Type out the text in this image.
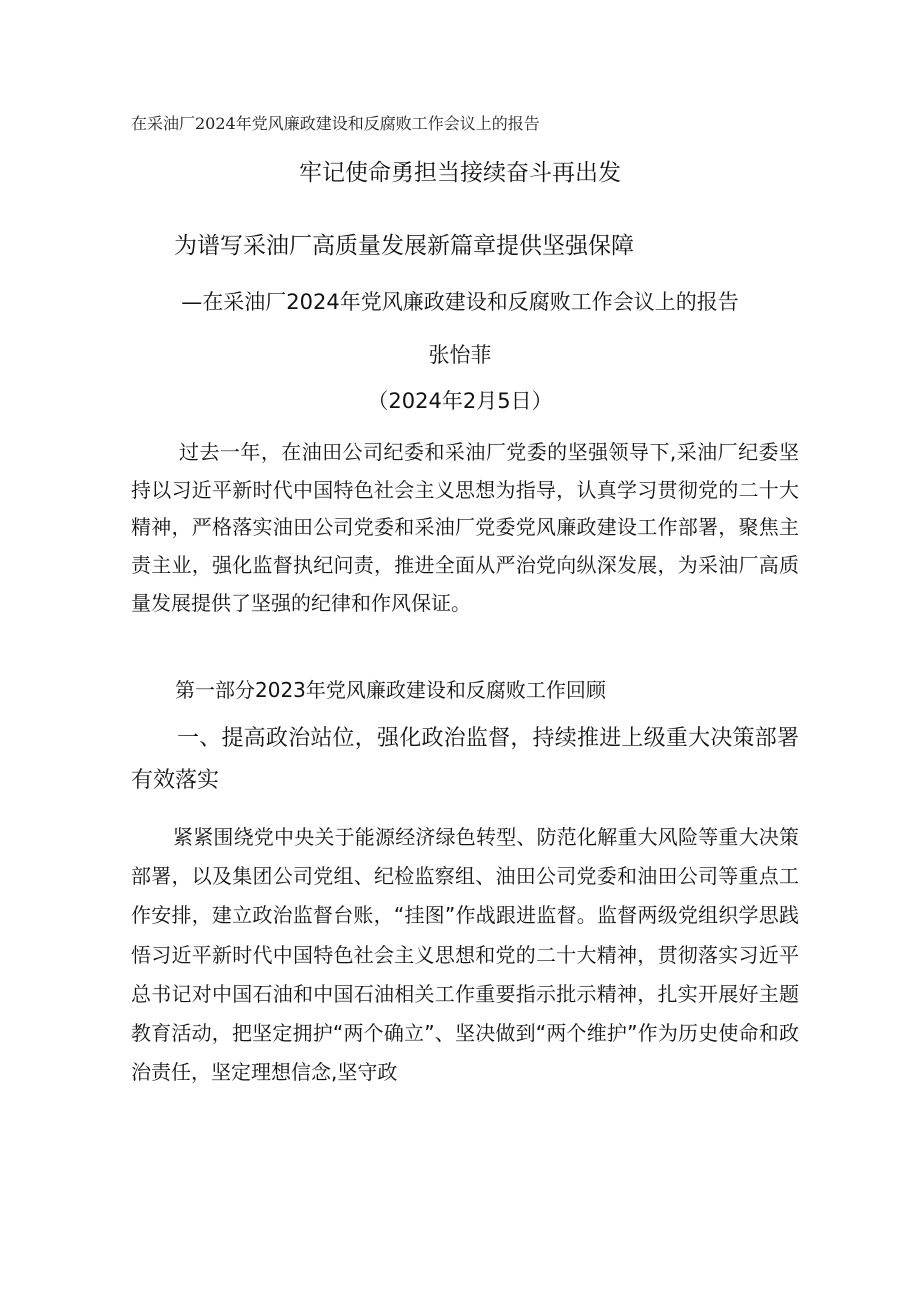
在采油厂2024年党风廉政建设和反腐败工作会议上的报告
牢记使命勇担当接续奋斗再出发
为谱写采油厂高质量发展新篇章提供坚强保障
—在采油厂2024年党风廉政建设和反腐败工作会议上的报告
张怡菲
（2024年2月5日）

过去一年，在油田公司纪委和采油厂党委的坚强领导下,采油厂纪委坚持以习近平新时代中国特色社会主义思想为指导，认真学习贯彻党的二十大精神，严格落实油田公司党委和采油厂党委党风廉政建设工作部署，聚焦主责主业，强化监督执纪问责，推进全面从严治党向纵深发展，为采油厂高质量发展提供了坚强的纪律和作风保证。

第一部分2023年党风廉政建设和反腐败工作回顾

一、提高政治站位，强化政治监督，持续推进上级重大决策部署有效落实

紧紧围绕党中央关于能源经济绿色转型、防范化解重大风险等重大决策部署，以及集团公司党组、纪检监察组、油田公司党委和油田公司等重点工作安排，建立政治监督台账，“挂图”作战跟进监督。监督两级党组织学思践悟习近平新时代中国特色社会主义思想和党的二十大精神，贯彻落实习近平总书记对中国石油和中国石油相关工作重要指示批示精神，扎实开展好主题教育活动，把坚定拥护“两个确立”、坚决做到“两个维护”作为历史使命和政治责任，坚定理想信念,坚守政
